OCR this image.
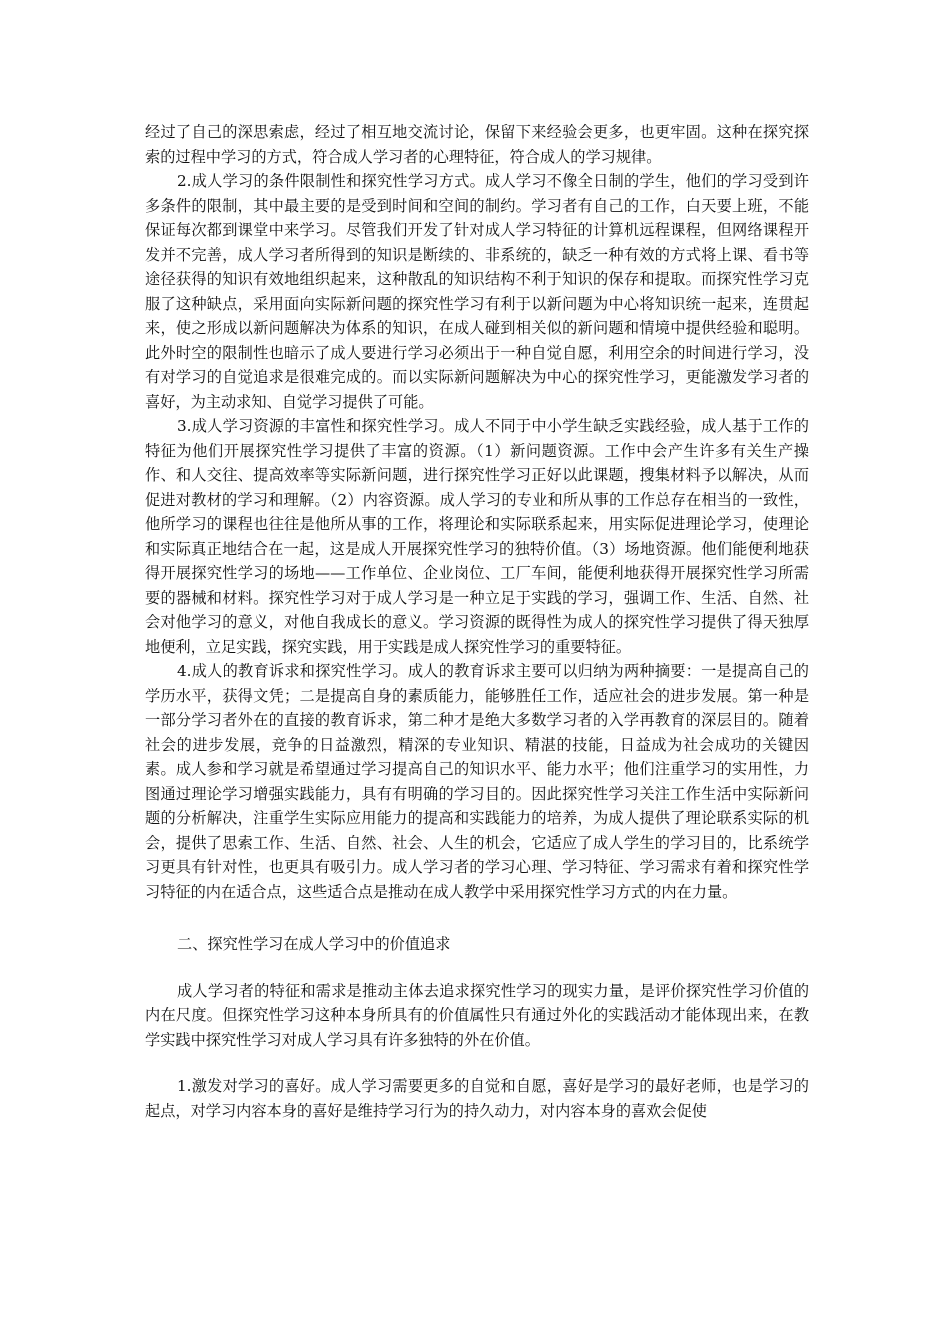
经过了自己的深思索虑，经过了相互地交流讨论，保留下来经验会更多，也更牢固。这种在探究探索的过程中学习的方式，符合成人学习者的心理特征，符合成人的学习规律。

2.成人学习的条件限制性和探究性学习方式。成人学习不像全日制的学生，他们的学习受到许多条件的限制，其中最主要的是受到时间和空间的制约。学习者有自己的工作，白天要上班，不能保证每次都到课堂中来学习。尽管我们开发了针对成人学习特征的计算机远程课程，但网络课程开发并不完善，成人学习者所得到的知识是断续的、非系统的，缺乏一种有效的方式将上课、看书等途径获得的知识有效地组织起来，这种散乱的知识结构不利于知识的保存和提取。而探究性学习克服了这种缺点，采用面向实际新问题的探究性学习有利于以新问题为中心将知识统一起来，连贯起来，使之形成以新问题解决为体系的知识，在成人碰到相关似的新问题和情境中提供经验和聪明。此外时空的限制性也暗示了成人要进行学习必须出于一种自觉自愿，利用空余的时间进行学习，没有对学习的自觉追求是很难完成的。而以实际新问题解决为中心的探究性学习，更能激发学习者的喜好，为主动求知、自觉学习提供了可能。

3.成人学习资源的丰富性和探究性学习。成人不同于中小学生缺乏实践经验，成人基于工作的特征为他们开展探究性学习提供了丰富的资源。（1）新问题资源。工作中会产生许多有关生产操作、和人交往、提高效率等实际新问题，进行探究性学习正好以此课题，搜集材料予以解决，从而促进对教材的学习和理解。（2）内容资源。成人学习的专业和所从事的工作总存在相当的一致性，他所学习的课程也往往是他所从事的工作，将理论和实际联系起来，用实际促进理论学习，使理论和实际真正地结合在一起，这是成人开展探究性学习的独特价值。（3）场地资源。他们能便利地获得开展探究性学习的场地——工作单位、企业岗位、工厂车间，能便利地获得开展探究性学习所需要的器械和材料。探究性学习对于成人学习是一种立足于实践的学习，强调工作、生活、自然、社会对他学习的意义，对他自我成长的意义。学习资源的既得性为成人的探究性学习提供了得天独厚地便利，立足实践，探究实践，用于实践是成人探究性学习的重要特征。

4.成人的教育诉求和探究性学习。成人的教育诉求主要可以归纳为两种摘要：一是提高自己的学历水平，获得文凭；二是提高自身的素质能力，能够胜任工作，适应社会的进步发展。第一种是一部分学习者外在的直接的教育诉求，第二种才是绝大多数学习者的入学再教育的深层目的。随着社会的进步发展，竞争的日益激烈，精深的专业知识、精湛的技能，日益成为社会成功的关键因素。成人参和学习就是希望通过学习提高自己的知识水平、能力水平；他们注重学习的实用性，力图通过理论学习增强实践能力，具有有明确的学习目的。因此探究性学习关注工作生活中实际新问题的分析解决，注重学生实际应用能力的提高和实践能力的培养，为成人提供了理论联系实际的机会，提供了思索工作、生活、自然、社会、人生的机会，它适应了成人学生的学习目的，比系统学习更具有针对性，也更具有吸引力。成人学习者的学习心理、学习特征、学习需求有着和探究性学习特征的内在适合点，这些适合点是推动在成人教学中采用探究性学习方式的内在力量。

二、探究性学习在成人学习中的价值追求

成人学习者的特征和需求是推动主体去追求探究性学习的现实力量，是评价探究性学习价值的内在尺度。但探究性学习这种本身所具有的价值属性只有通过外化的实践活动才能体现出来，在教学实践中探究性学习对成人学习具有许多独特的外在价值。

1.激发对学习的喜好。成人学习需要更多的自觉和自愿，喜好是学习的最好老师，也是学习的起点，对学习内容本身的喜好是维持学习行为的持久动力，对内容本身的喜欢会促使
